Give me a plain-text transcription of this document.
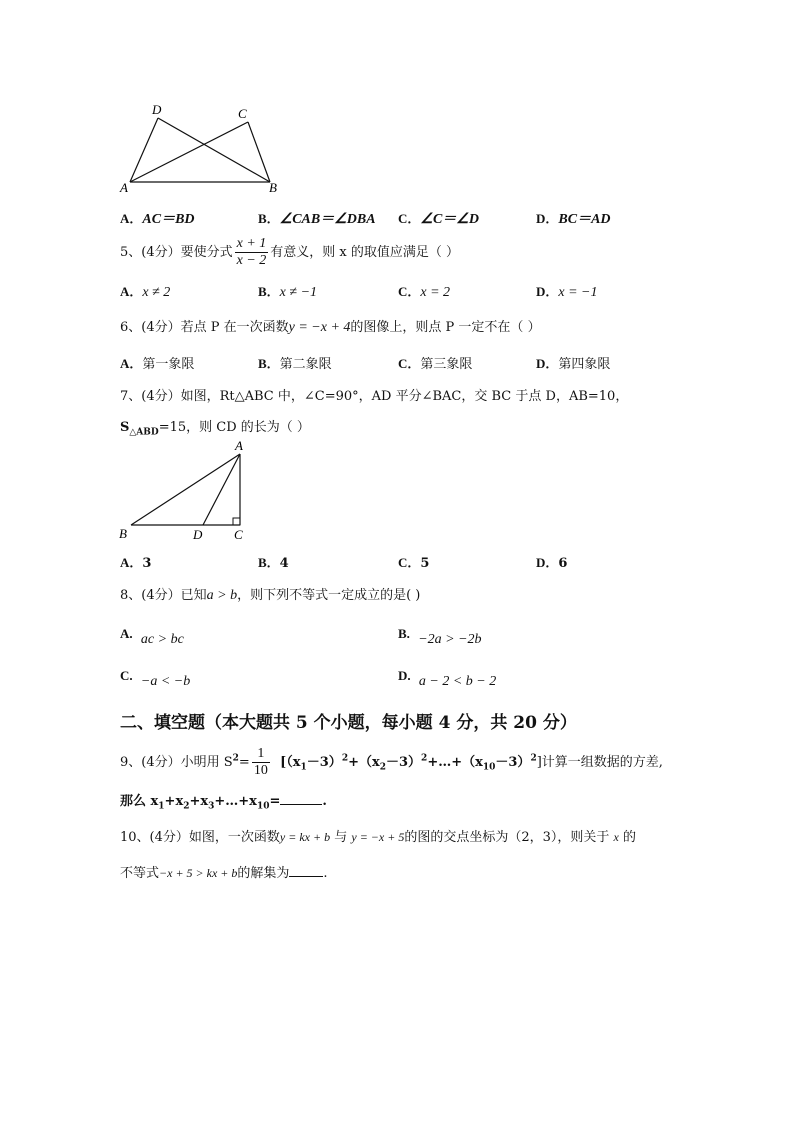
D	C
A	B
A．AC＝BD	B．∠CAB＝∠DBA C．∠C＝∠D	D．BC＝AD
5、(4分）要使分式 $\frac{x + 1}{x - 2}$ 有意义，则 x 的取值应满足（ ）
A．x ≠ 2	B．x ≠ −1	C．x = 2	D．x = −1
6、(4分）若点 P 在一次函数y = −x + 4的图像上，则点 P 一定不在（ ）
A．第一象限	B．第二象限	C．第三象限	D．第四象限
7、(4分）如图，Rt△ABC 中，∠C=90°，AD 平分∠BAC，交 BC 于点 D，AB=10，
$S_{\triangle ABD}=15$，则 CD 的长为（ ）
A
B	D C
A．3	B．4	C．5	D．6
8、(4分）已知a > b，则下列不等式一定成立的是( )
A. ac > bc	B. −2a > −2b
C. −a < −b	D. a − 2 < b − 2
二、填空题（本大题共 5 个小题，每小题 4 分，共 20 分）
9、(4分）小明用 $S^2= \frac{1}{10}$ $[(x_1-3)^2+(x_2-3)^2+\dots+(x_{10}-3)^2]$计算一组数据的方差,
那么 $x_1+x_2+x_3+\dots+x_{10}=$	.
10、(4分）如图，一次函数y = kx + b 与 y = −x + 5的图的交点坐标为（2，3），则关于 x 的
不等式−x + 5 > kx + b的解集为	.
